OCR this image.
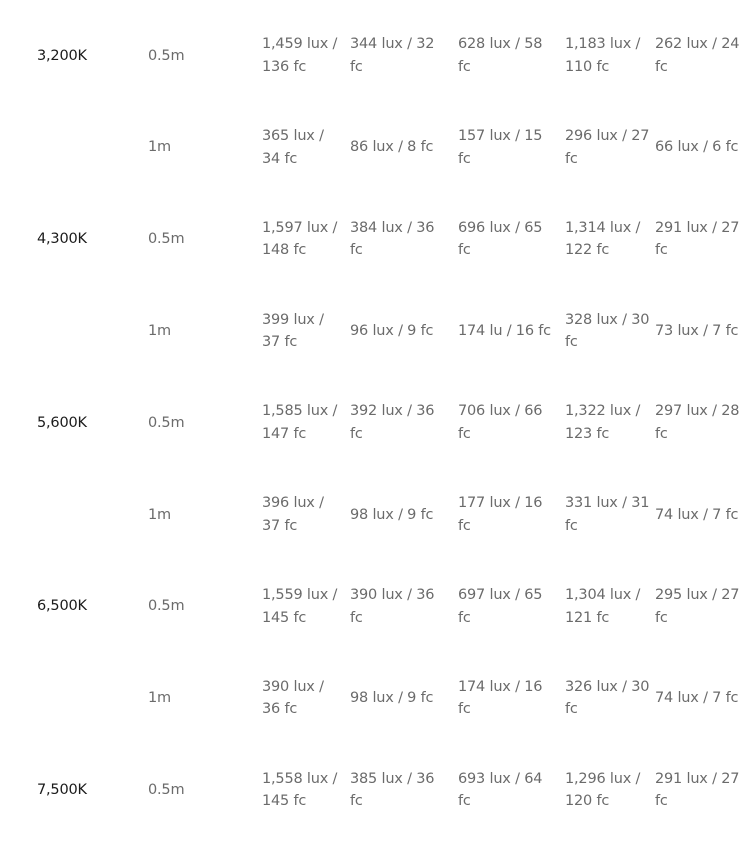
3,200K	0.5m	1,459 lux / 136 fc	344 lux / 32 fc	628 lux / 58 fc	1,183 lux / 110 fc	262 lux / 24 fc

	1m	365 lux / 34 fc	86 lux / 8 fc	157 lux / 15 fc	296 lux / 27 fc	66 lux / 6 fc

4,300K	0.5m	1,597 lux / 148 fc	384 lux / 36 fc	696 lux / 65 fc	1,314 lux / 122 fc	291 lux / 27 fc

	1m	399 lux / 37 fc	96 lux / 9 fc	174 lu / 16 fc	328 lux / 30 fc	73 lux / 7 fc

5,600K	0.5m	1,585 lux / 147 fc	392 lux / 36 fc	706 lux / 66 fc	1,322 lux / 123 fc	297 lux / 28 fc

	1m	396 lux / 37 fc	98 lux / 9 fc	177 lux / 16 fc	331 lux / 31 fc	74 lux / 7 fc

6,500K	0.5m	1,559 lux / 145 fc	390 lux / 36 fc	697 lux / 65 fc	1,304 lux / 121 fc	295 lux / 27 fc

	1m	390 lux / 36 fc	98 lux / 9 fc	174 lux / 16 fc	326 lux / 30 fc	74 lux / 7 fc

7,500K	0.5m	1,558 lux / 145 fc	385 lux / 36 fc	693 lux / 64 fc	1,296 lux / 120 fc	291 lux / 27 fc
